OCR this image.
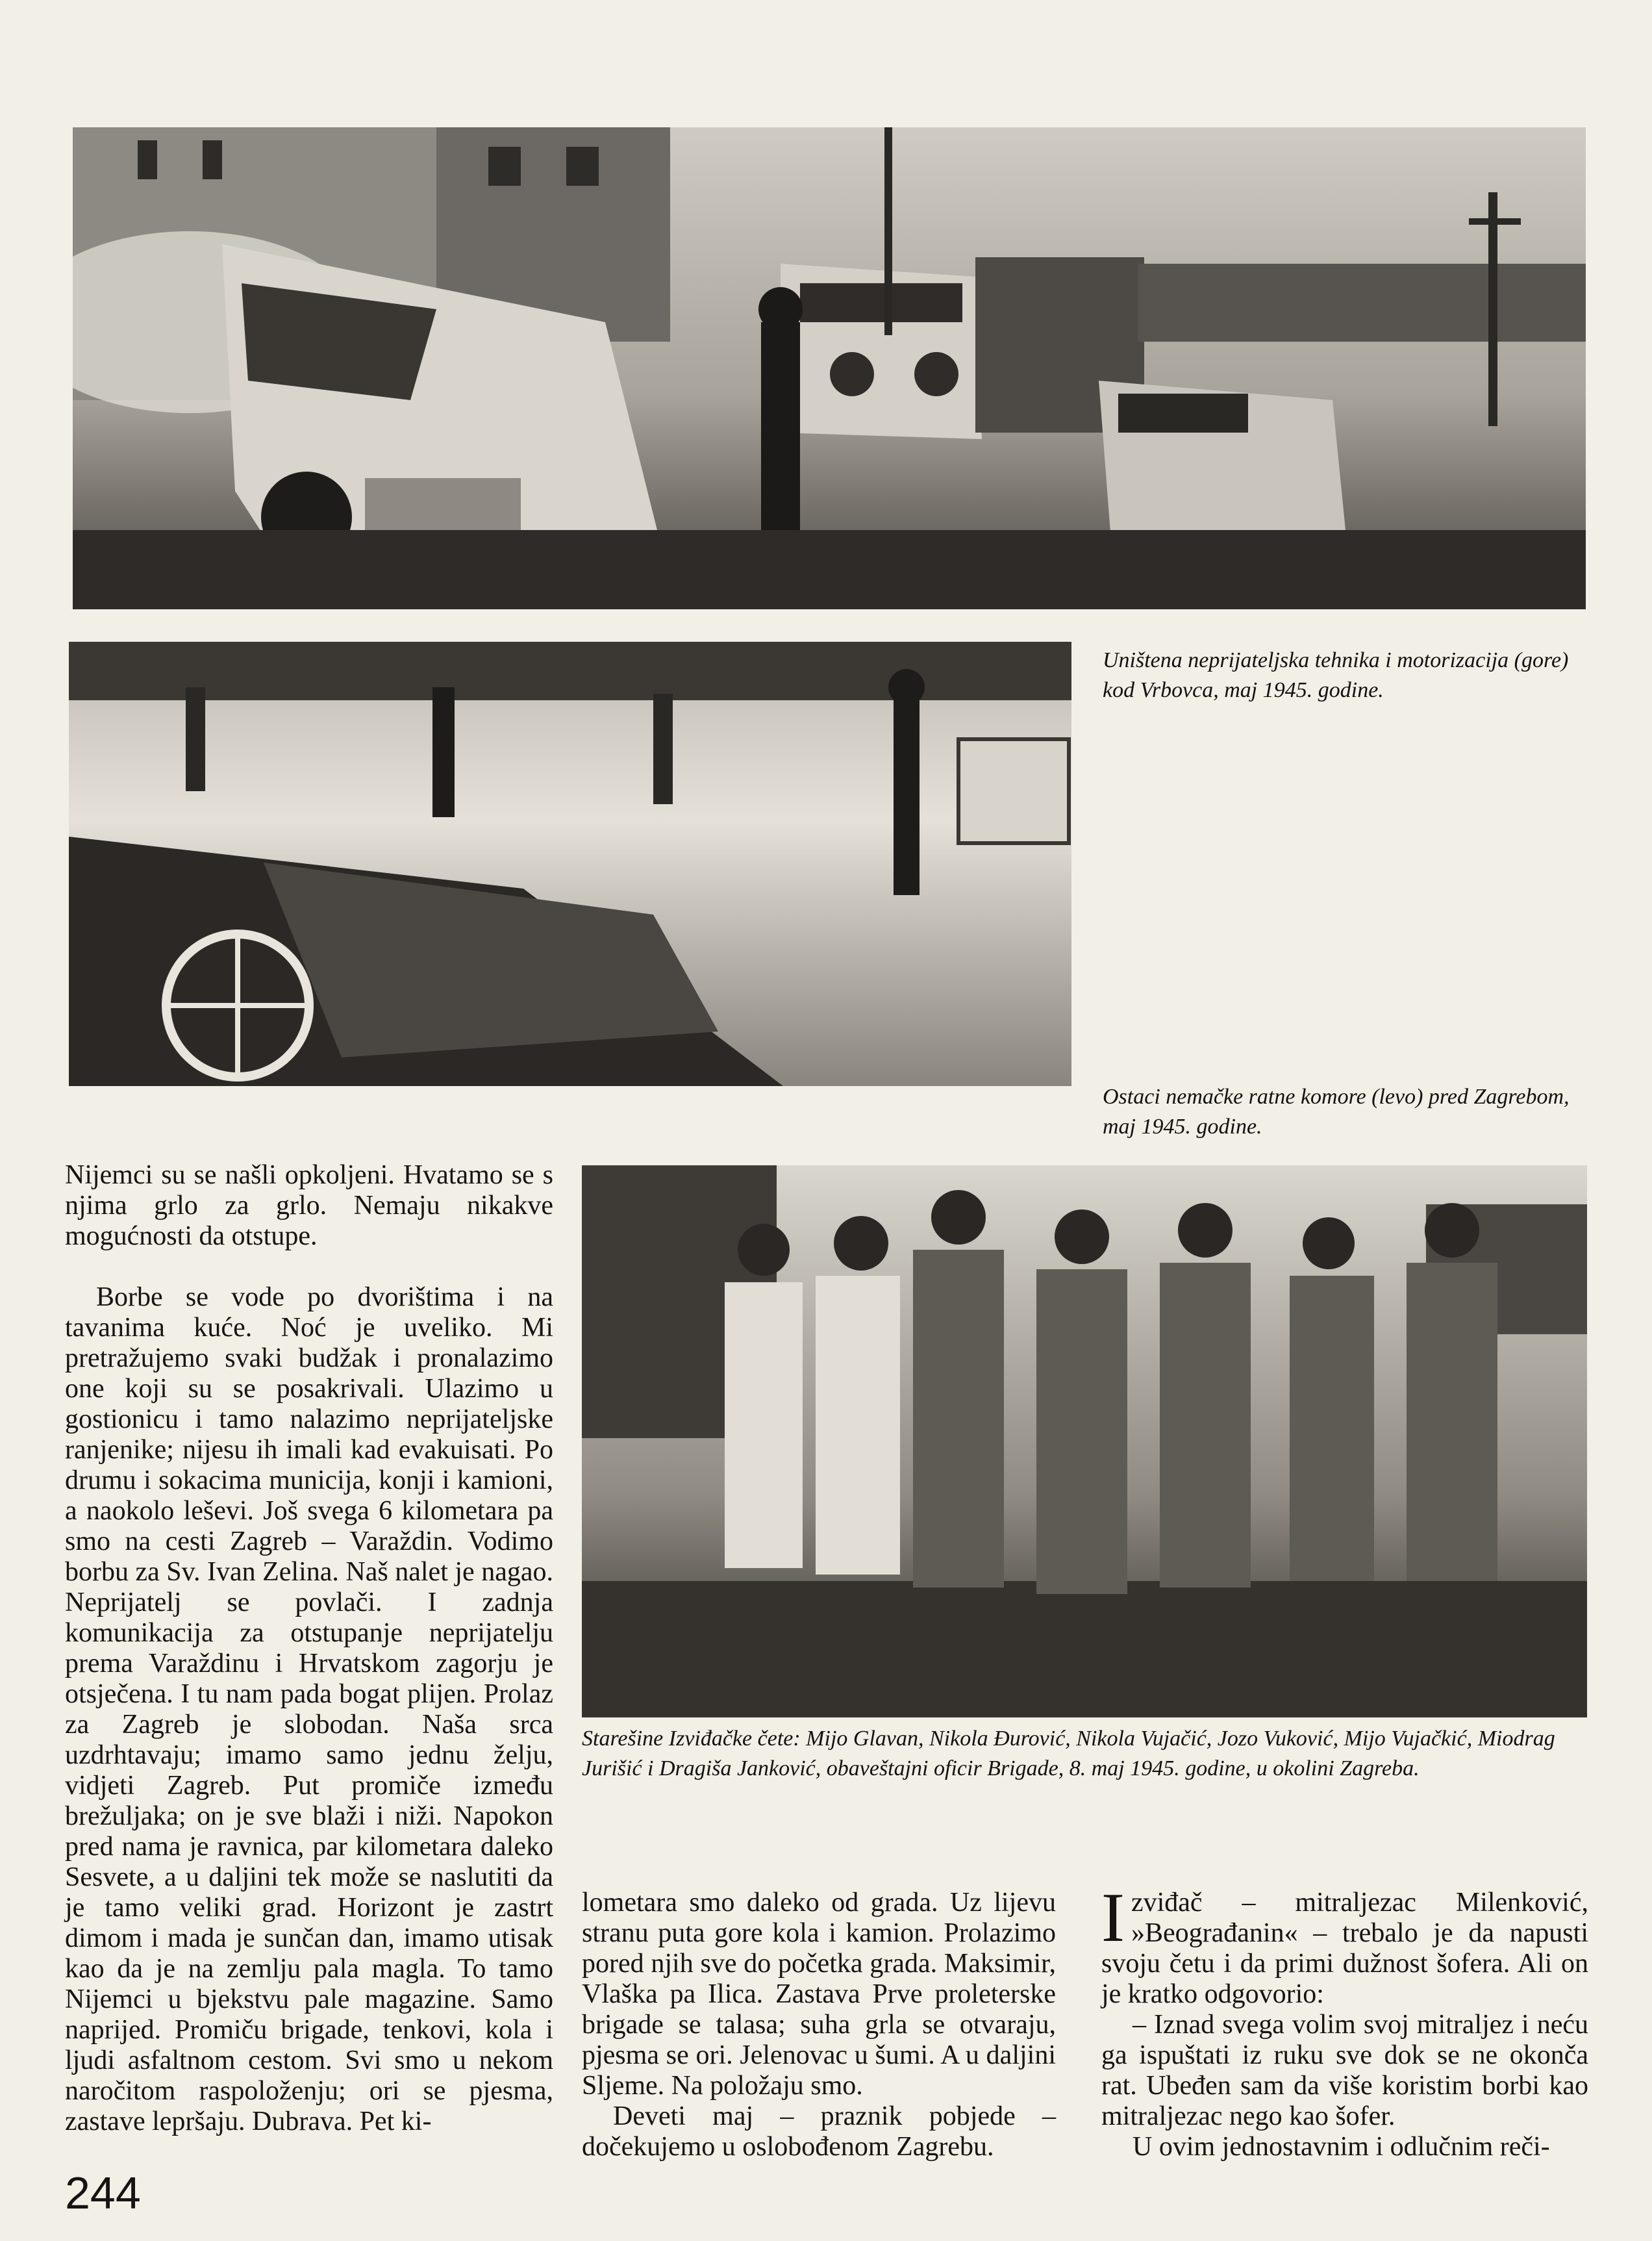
Uništena neprijateljska tehnika i motorizacija (gore) kod Vrbovca, maj 1945. godine.
Ostaci nemačke ratne komore (levo) pred Zagrebom, maj 1945. godine.
Starešine Izviđačke čete: Mijo Glavan, Nikola Đurović, Nikola Vujačić, Jozo Vuković, Mijo Vujačkić, Miodrag Jurišić i Dragiša Janković, obaveštajni oficir Brigade, 8. maj 1945. godine, u okolini Zagreba.

Nijemci su se našli opkoljeni. Hvatamo se s njima grlo za grlo. Nemaju nikakve mogućnosti da otstupe.

Borbe se vode po dvorištima i na tavanima kuće. Noć je uveliko. Mi pretražujemo svaki budžak i pronalazimo one koji su se posakrivali. Ulazimo u gostionicu i tamo nalazimo neprijateljske ranjenike; nijesu ih imali kad evakuisati. Po drumu i sokacima municija, konji i kamioni, a naokolo leševi. Još svega 6 kilometara pa smo na cesti Zagreb – Varaždin. Vodimo borbu za Sv. Ivan Zelina. Naš nalet je nagao. Neprijatelj se povlači. I zadnja komunikacija za otstupanje neprijatelju prema Varaždinu i Hrvatskom zagorju je otsječena. I tu nam pada bogat plijen. Prolaz za Zagreb je slobodan. Naša srca uzdrhtavaju; imamo samo jednu želju, vidjeti Zagreb. Put promiče između brežuljaka; on je sve blaži i niži. Napokon pred nama je ravnica, par kilometara daleko Sesvete, a u daljini tek može se naslutiti da je tamo veliki grad. Horizont je zastrt dimom i mada je sunčan dan, imamo utisak kao da je na zemlju pala magla. To tamo Nijemci u bjekstvu pale magazine. Samo naprijed. Promiču brigade, tenkovi, kola i ljudi asfaltnom cestom. Svi smo u nekom naročitom raspoloženju; ori se pjesma, zastave lepršaju. Dubrava. Pet ki-

lometara smo daleko od grada. Uz lijevu stranu puta gore kola i kamion. Prolazimo pored njih sve do početka grada. Maksimir, Vlaška pa Ilica. Zastava Prve proleterske brigade se talasa; suha grla se otvaraju, pjesma se ori. Jelenovac u šumi. A u daljini Sljeme. Na položaju smo.

Deveti maj – praznik pobjede – dočekujemo u oslobođenom Zagrebu.

Izviđač – mitraljezac Milenković, »Beograđanin« – trebalo je da napusti svoju četu i da primi dužnost šofera. Ali on je kratko odgovorio:

– Iznad svega volim svoj mitraljez i neću ga ispuštati iz ruku sve dok se ne okonča rat. Ubeđen sam da više koristim borbi kao mitraljezac nego kao šofer.

U ovim jednostavnim i odlučnim reči-

244
